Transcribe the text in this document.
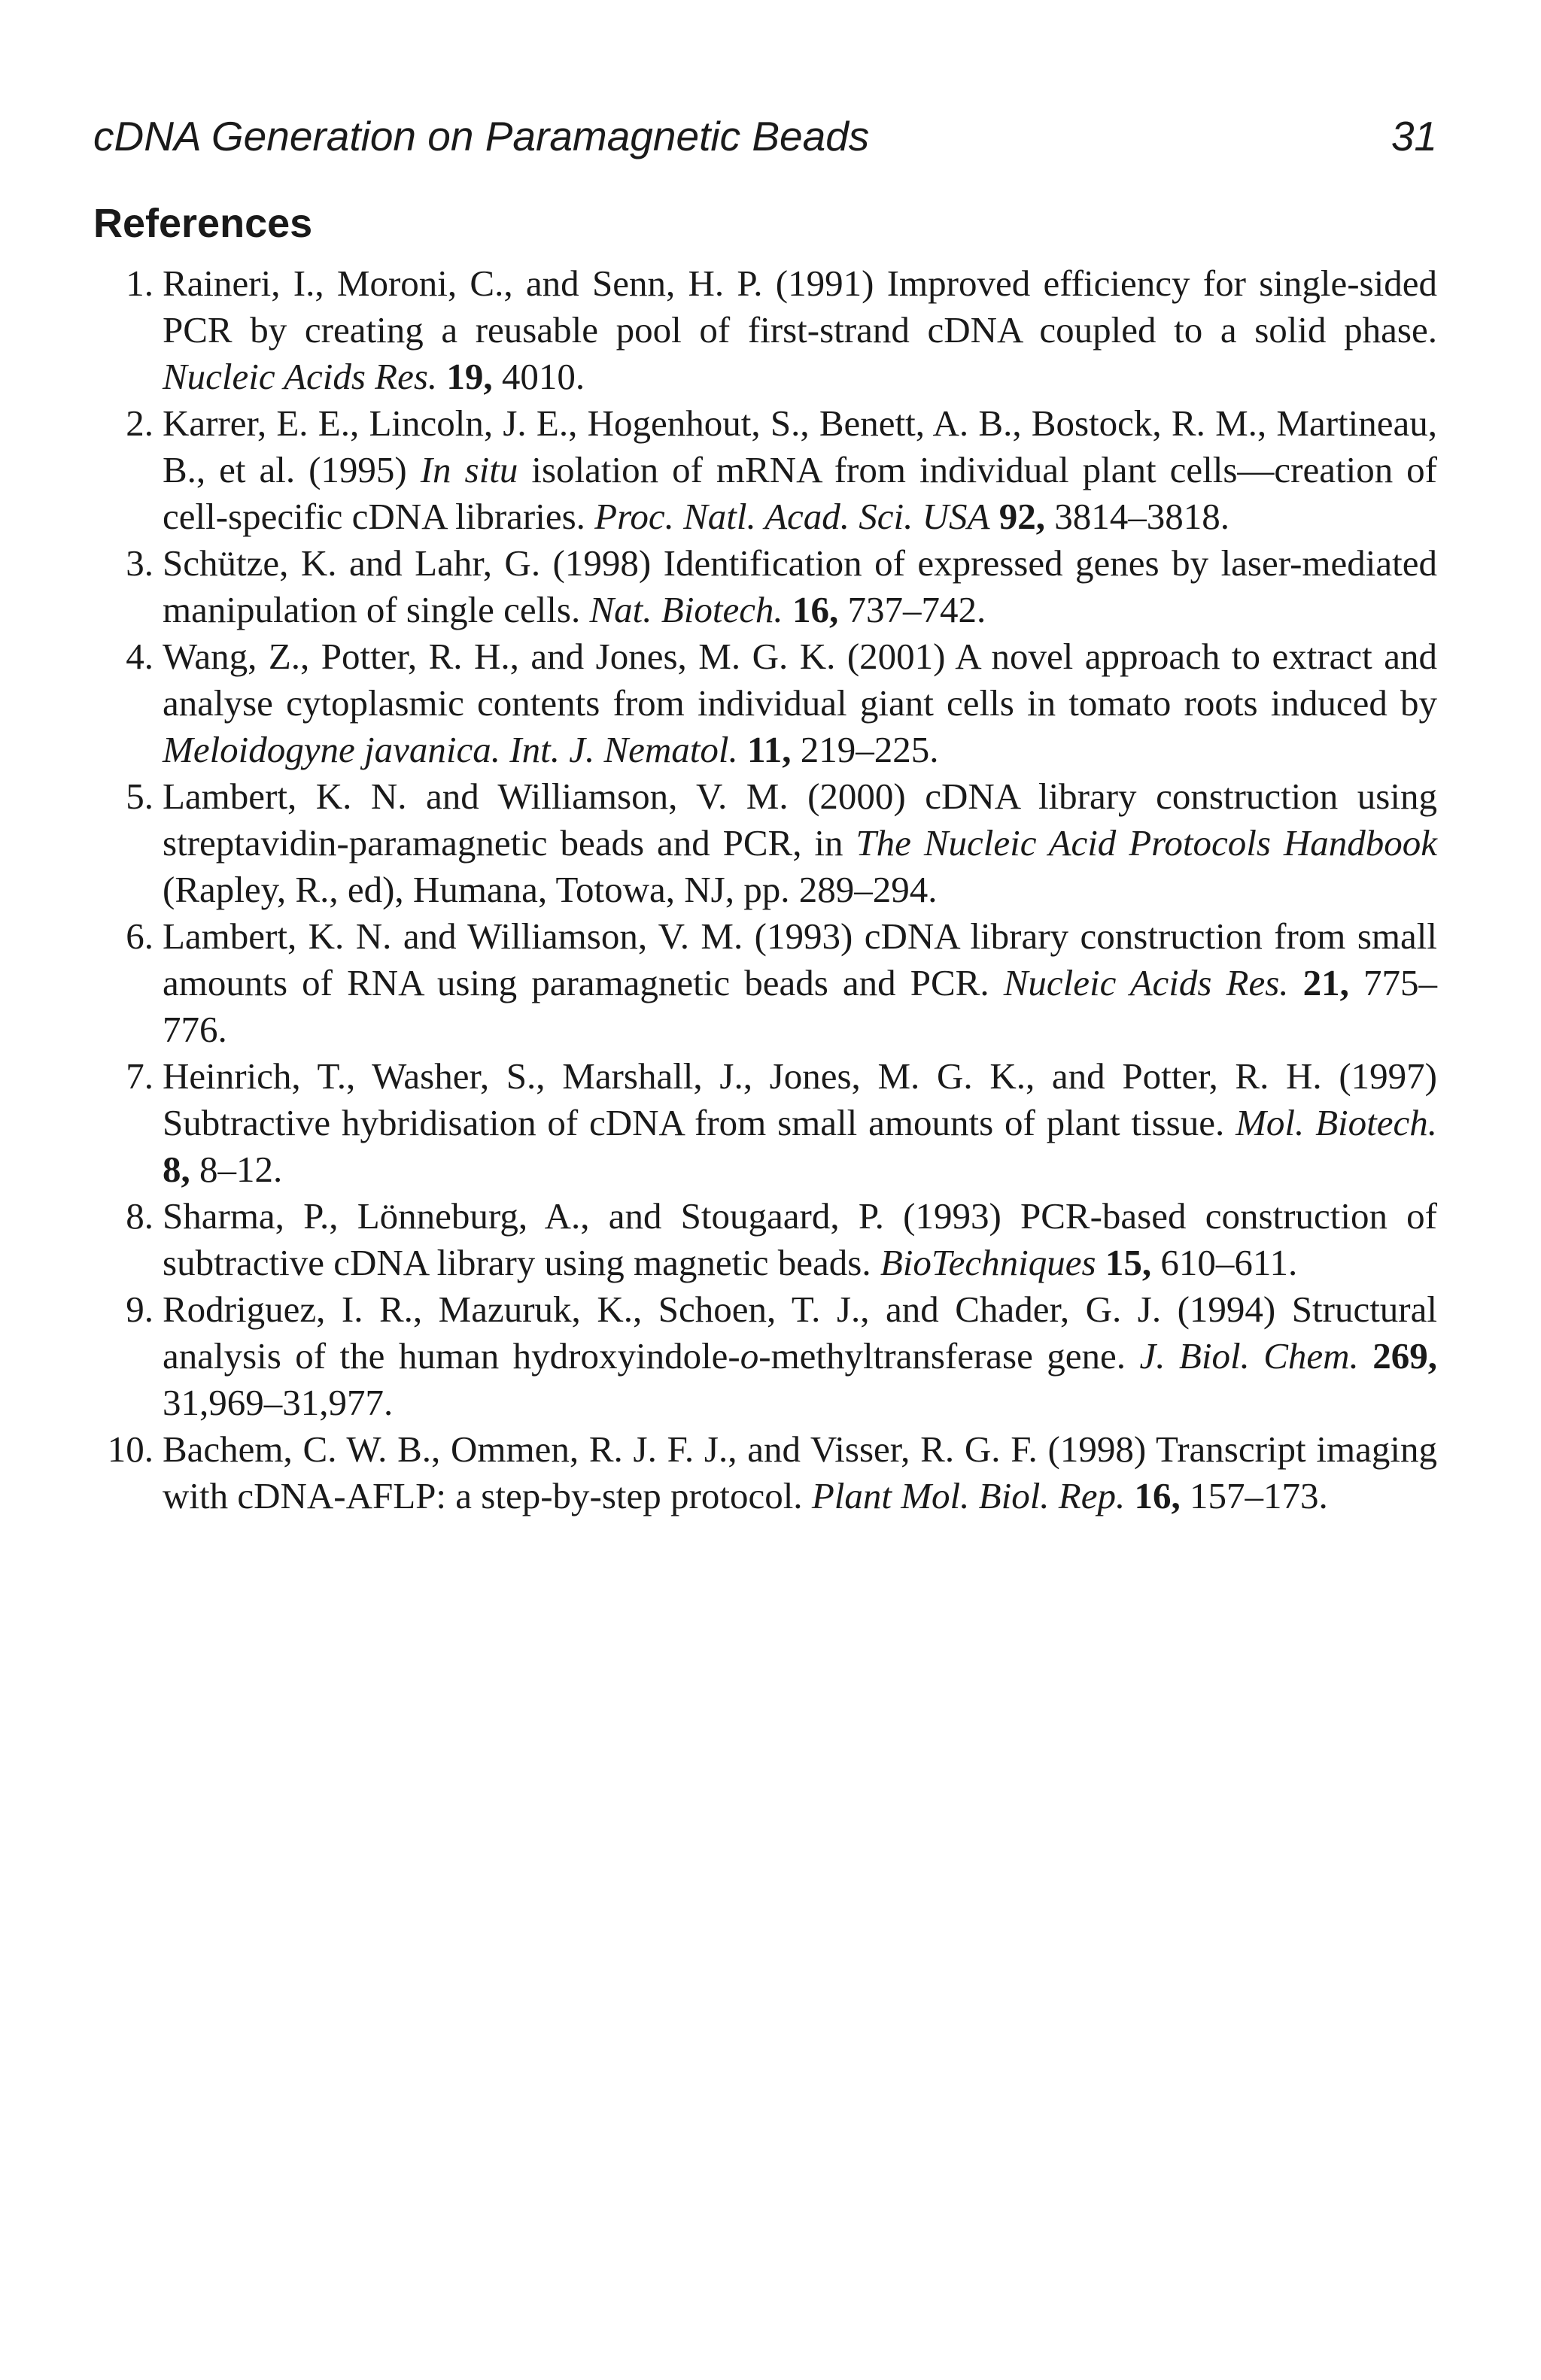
cDNA Generation on Paramagnetic Beads	31
References
1. Raineri, I., Moroni, C., and Senn, H. P. (1991) Improved efficiency for single-sided PCR by creating a reusable pool of first-strand cDNA coupled to a solid phase. Nucleic Acids Res. 19, 4010.
2. Karrer, E. E., Lincoln, J. E., Hogenhout, S., Benett, A. B., Bostock, R. M., Martineau, B., et al. (1995) In situ isolation of mRNA from individual plant cells—creation of cell-specific cDNA libraries. Proc. Natl. Acad. Sci. USA 92, 3814–3818.
3. Schütze, K. and Lahr, G. (1998) Identification of expressed genes by laser-mediated manipulation of single cells. Nat. Biotech. 16, 737–742.
4. Wang, Z., Potter, R. H., and Jones, M. G. K. (2001) A novel approach to extract and analyse cytoplasmic contents from individual giant cells in tomato roots induced by Meloidogyne javanica. Int. J. Nematol. 11, 219–225.
5. Lambert, K. N. and Williamson, V. M. (2000) cDNA library construction using streptavidin-paramagnetic beads and PCR, in The Nucleic Acid Protocols Handbook (Rapley, R., ed), Humana, Totowa, NJ, pp. 289–294.
6. Lambert, K. N. and Williamson, V. M. (1993) cDNA library construction from small amounts of RNA using paramagnetic beads and PCR. Nucleic Acids Res. 21, 775–776.
7. Heinrich, T., Washer, S., Marshall, J., Jones, M. G. K., and Potter, R. H. (1997) Subtractive hybridisation of cDNA from small amounts of plant tissue. Mol. Biotech. 8, 8–12.
8. Sharma, P., Lönneburg, A., and Stougaard, P. (1993) PCR-based construction of subtractive cDNA library using magnetic beads. BioTechniques 15, 610–611.
9. Rodriguez, I. R., Mazuruk, K., Schoen, T. J., and Chader, G. J. (1994) Structural analysis of the human hydroxyindole-o-methyltransferase gene. J. Biol. Chem. 269, 31,969–31,977.
10. Bachem, C. W. B., Ommen, R. J. F. J., and Visser, R. G. F. (1998) Transcript imaging with cDNA-AFLP: a step-by-step protocol. Plant Mol. Biol. Rep. 16, 157–173.
